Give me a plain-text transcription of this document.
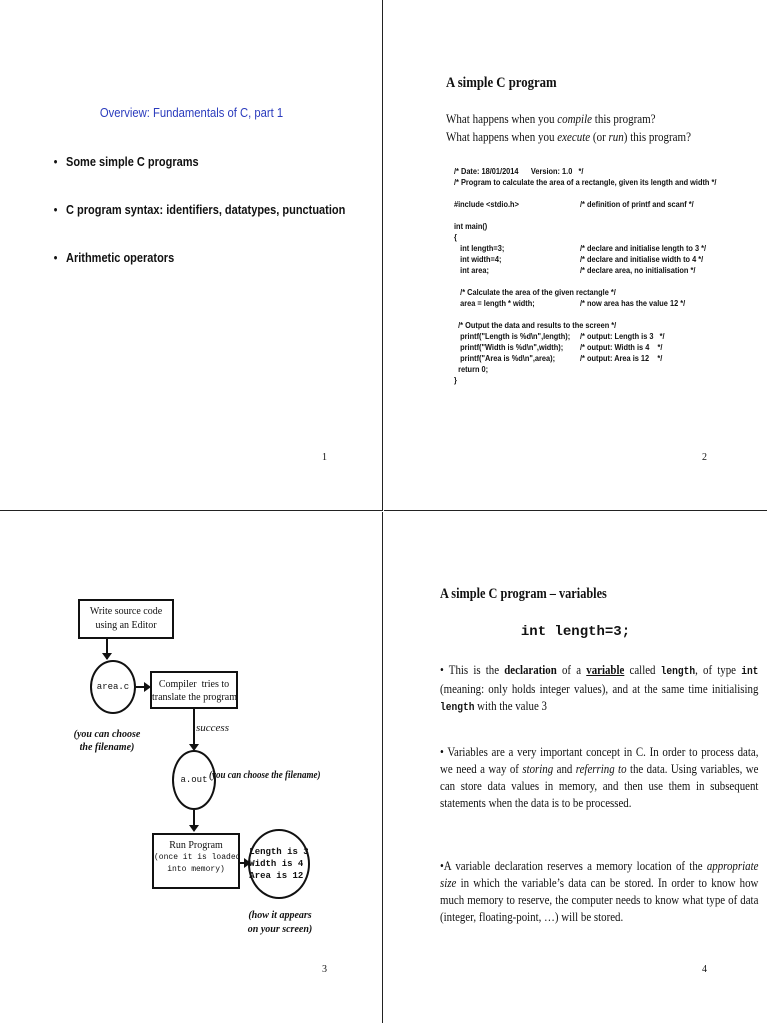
Overview: Fundamentals of C, part 1
• Some simple C programs
• C program syntax: identifiers, datatypes, punctuation
• Arithmetic operators
1
A simple C program
What happens when you compile this program?
What happens when you execute (or run) this program?
/* Date: 18/01/2014      Version: 1.0   */
/* Program to calculate the area of a rectangle, given its length and width */

#include <stdio.h>

int main()
{
int length=3;
int width=4;
int area;

/* Calculate the area of the given rectangle */
area = length * width;

/* Output the data and results to the screen */
printf("Length is %d\n",length);
printf("Width is %d\n",width);
printf("Area is %d\n",area);
return 0;
}

/* definition of printf and scanf */

/* declare and initialise length to 3 */
/* declare and initialise width to 4 */
/* declare area, no initialisation */

/* now area has the value 12 */

/* output: Length is 3   */
/* output: Width is 4    */
/* output: Area is 12    */

2
Write source code
using an Editor
area.c	Compiler  tries to
translate the program
(you can choose
the filename)
success
a.out (you can choose the filename)
Run Program
(once it is loaded
into memory)
Length is 3
Width is 4
Area is 12
(how it appears
on your screen)
3
A simple C program – variables
int length=3;
• This is the declaration of a variable called length, of type int (meaning: only holds integer values), and at the same time initialising length with the value 3
• Variables are a very important concept in C. In order to process data, we need a way of storing and referring to the data. Using variables, we can store data values in memory, and then use them in subsequent statements when the data is to be processed.
•A variable declaration reserves a memory location of the appropriate size in which the variable’s data can be stored. In order to know how much memory to reserve, the computer needs to know what type of data (integer, floating-point, …) will be stored.
4
